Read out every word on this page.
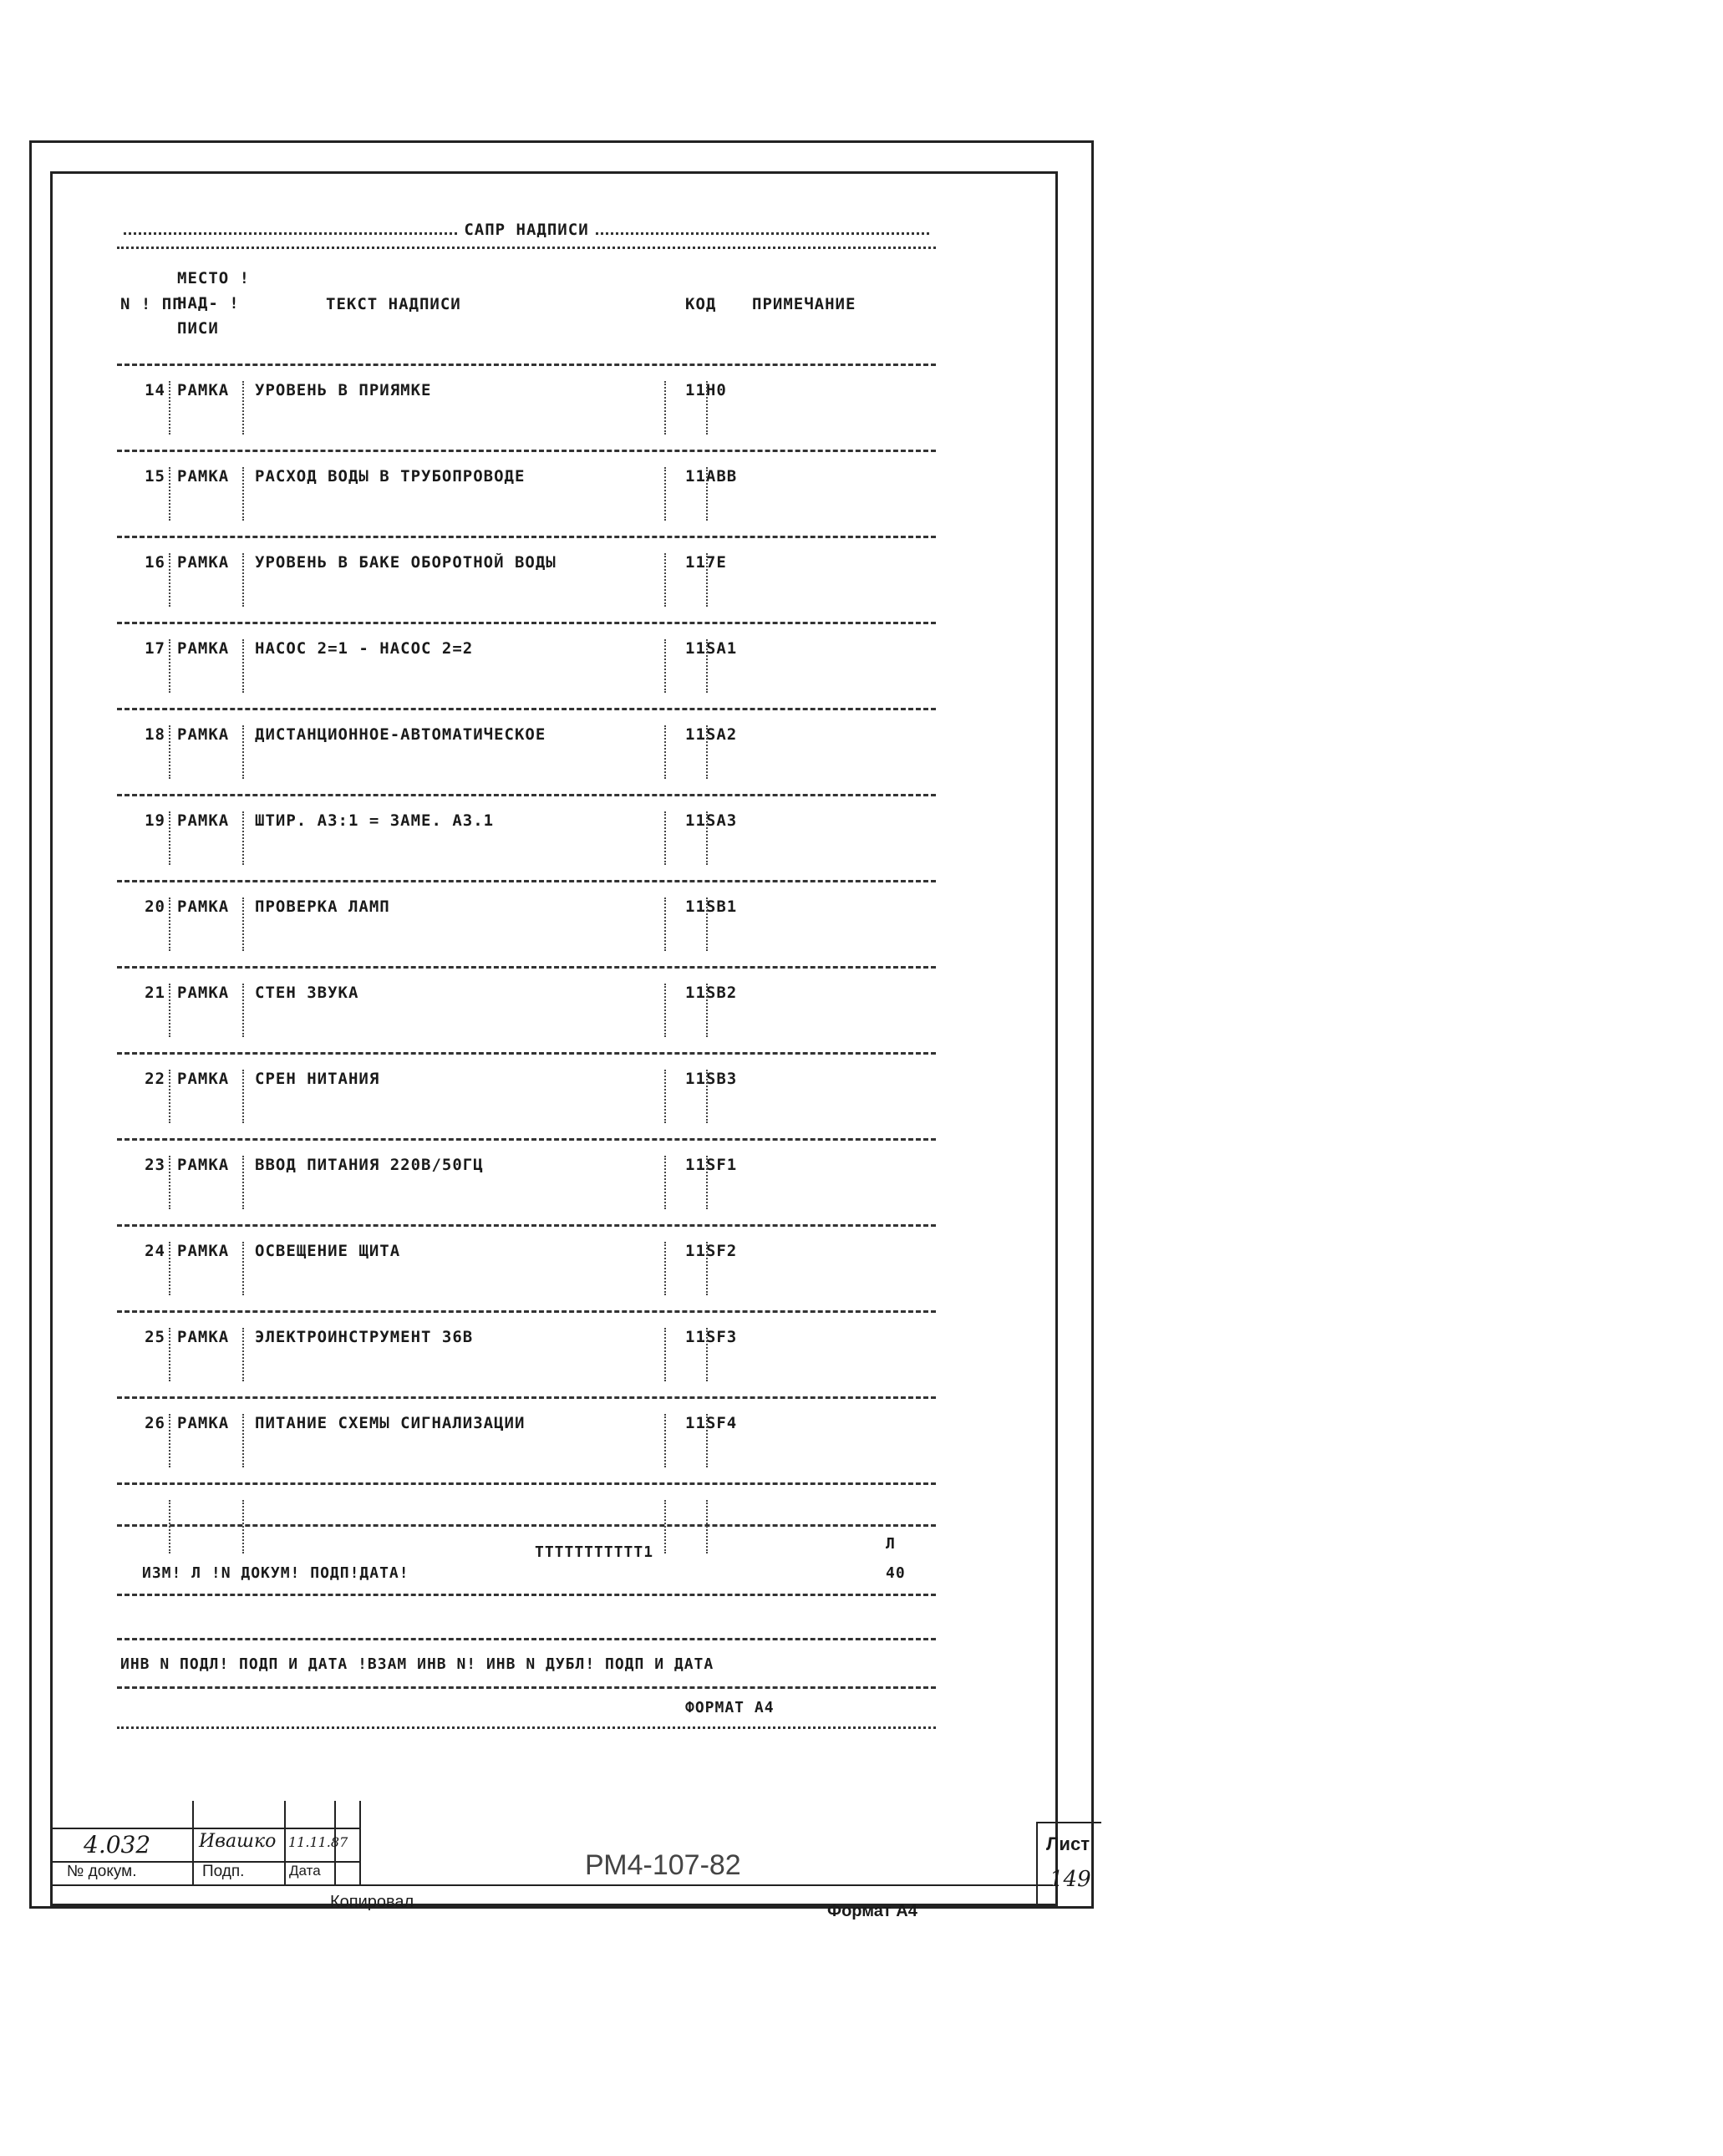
САПР НАДПИСИ
N ! ПП
МЕСТО ! НАД- ! ПИСИ
ТЕКСТ НАДПИСИ	КОД ПРИМЕЧАНИЕ
14 РАМКА УРОВЕНЬ В ПРИЯМКЕ	11Н0
15 РАМКА РАСХОД ВОДЫ В ТРУБОПРОВОДЕ	11АВВ
16 РАМКА УРОВЕНЬ В БАКЕ ОБОРОТНОЙ ВОДЫ	117Е
17 РАМКА НАСОС 2=1 - НАСОС 2=2	11SA1
18 РАМКА ДИСТАНЦИОННОЕ-АВТОМАТИЧЕСКОЕ	11SA2
19 РАМКА ШТИР. АЗ:1 = ЗАМЕ. АЗ.1	11SA3
20 РАМКА ПРОВЕРКА ЛАМП	11SB1
21 РАМКА СТЕН ЗВУКА	11SB2
22 РАМКА СРЕН НИТАНИЯ	11SB3
23 РАМКА ВВОД ПИТАНИЯ 220В/50ГЦ	11SF1
24 РАМКА ОСВЕЩЕНИЕ ЩИТА	11SF2
25 РАМКА ЭЛЕКТРОИНСТРУМЕНТ 36В	11SF3
26 РАМКА ПИТАНИЕ СХЕМЫ СИГНАЛИЗАЦИИ	11SF4
ИЗМ! Л !N ДОКУМ! ПОДП!ДАТА!
ТТТТТТТТТТТ1	Л
40
ИНВ N ПОДЛ! ПОДП И ДАТА !ВЗАМ ИНВ N! ИНВ N ДУБЛ! ПОДП И ДАТА
ФОРМАТ А4
4.032	Ивашко 11.11.87
№ докум.	Подп.	Дата	РМ4-107-82
Лист
149
Копировал	Формат А4
